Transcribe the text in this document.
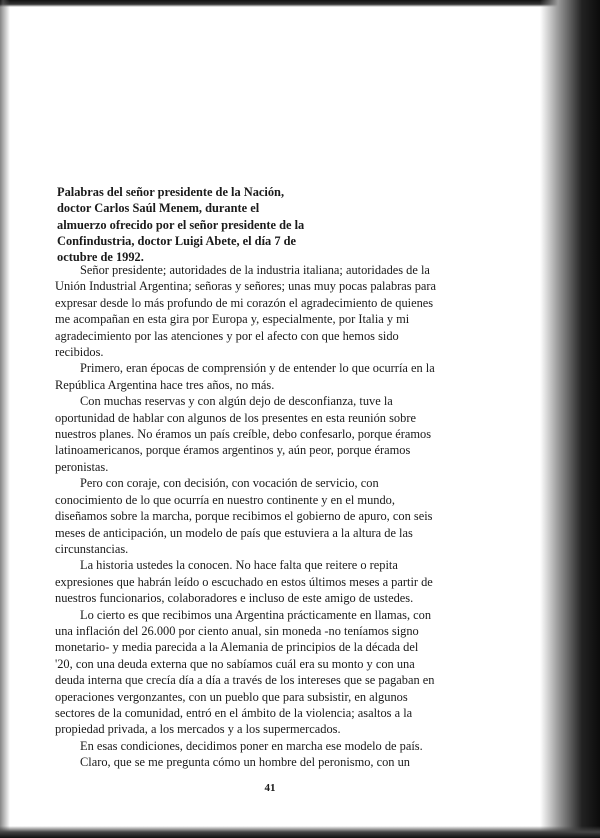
Palabras del señor presidente de la Nación,
doctor Carlos Saúl Menem, durante el
almuerzo ofrecido por el señor presidente de la
Confindustria, doctor Luigi Abete, el día 7 de
octubre de 1992.
Señor presidente; autoridades de la industria italiana; autoridades de la
Unión Industrial Argentina; señoras y señores; unas muy pocas palabras para
expresar desde lo más profundo de mi corazón el agradecimiento de quienes
me acompañan en esta gira por Europa y, especialmente, por Italia y mi
agradecimiento por las atenciones y por el afecto con que hemos sido
recibidos.
Primero, eran épocas de comprensión y de entender lo que ocurría en la
República Argentina hace tres años, no más.
Con muchas reservas y con algún dejo de desconfianza, tuve la
oportunidad de hablar con algunos de los presentes en esta reunión sobre
nuestros planes. No éramos un país creíble, debo confesarlo, porque éramos
latinoamericanos, porque éramos argentinos y, aún peor, porque éramos
peronistas.
Pero con coraje, con decisión, con vocación de servicio, con
conocimiento de lo que ocurría en nuestro continente y en el mundo,
diseñamos sobre la marcha, porque recibimos el gobierno de apuro, con seis
meses de anticipación, un modelo de país que estuviera a la altura de las
circunstancias.
La historia ustedes la conocen. No hace falta que reitere o repita
expresiones que habrán leído o escuchado en estos últimos meses a partir de
nuestros funcionarios, colaboradores e incluso de este amigo de ustedes.
Lo cierto es que recibimos una Argentina prácticamente en llamas, con
una inflación del 26.000 por ciento anual, sin moneda -no teníamos signo
monetario- y media parecida a la Alemania de principios de la década del
'20, con una deuda externa que no sabíamos cuál era su monto y con una
deuda interna que crecía día a día a través de los intereses que se pagaban en
operaciones vergonzantes, con un pueblo que para subsistir, en algunos
sectores de la comunidad, entró en el ámbito de la violencia; asaltos a la
propiedad privada, a los mercados y a los supermercados.
En esas condiciones, decidimos poner en marcha ese modelo de país.
Claro, que se me pregunta cómo un hombre del peronismo, con un
41
